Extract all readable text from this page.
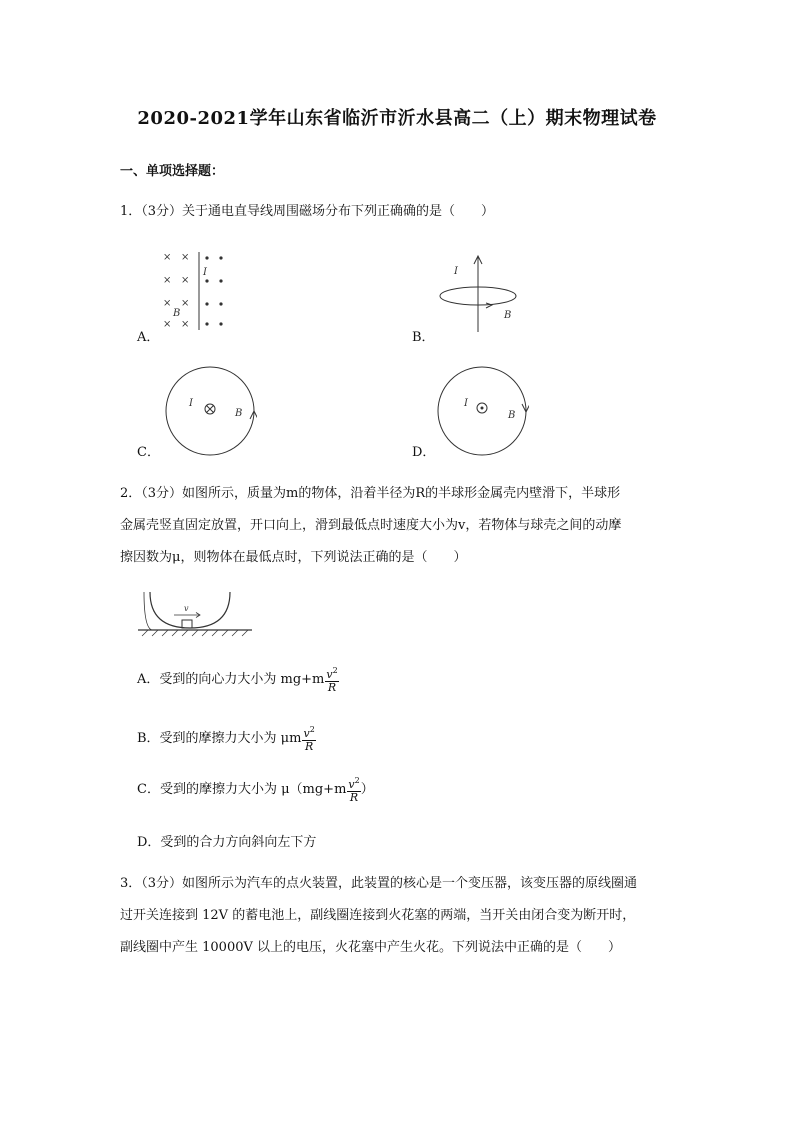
2020-2021学年山东省临沂市沂水县高二（上）期末物理试卷
一、单项选择题：
1．（3分）关于通电直导线周围磁场分布下列正确确的是（　　）
× ×
× ×
× ×
× ×
I
B
A．
I
B
B．
I
B
C．
I
B
D．
2．（3分）如图所示，质量为m的物体，沿着半径为R的半球形金属壳内壁滑下，半球形
金属壳竖直固定放置，开口向上，滑到最低点时速度大小为v，若物体与球壳之间的动摩
擦因数为μ，则物体在最低点时，下列说法正确的是（　　）
v
A．受到的向心力大小为 $mg+m \frac{v^2}{R}$
B．受到的摩擦力大小为 μm $\frac{v^2}{R}$
C．受到的摩擦力大小为 $\mu(mg+m \frac{v^2}{R}$ ）
D．受到的合力方向斜向左下方
3．（3分）如图所示为汽车的点火装置，此装置的核心是一个变压器，该变压器的原线圈通
过开关连接到 12V 的蓄电池上，副线圈连接到火花塞的两端，当开关由闭合变为断开时，
副线圈中产生 10000V 以上的电压，火花塞中产生火花。下列说法中正确的是（　　）
